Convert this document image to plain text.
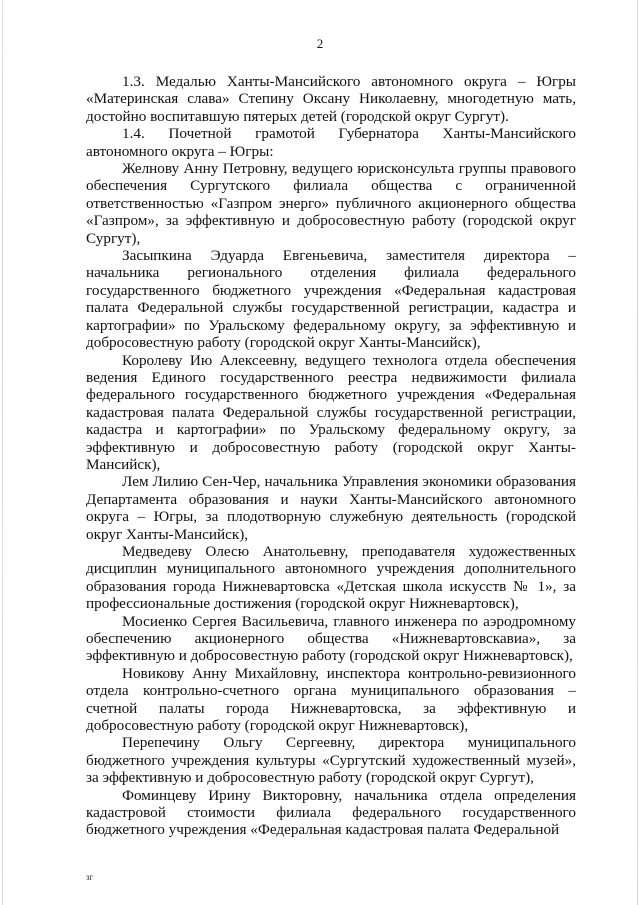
2

1.3. Медалью Ханты-Мансийского автономного округа – Югры «Материнская слава» Степину Оксану Николаевну, многодетную мать, достойно воспитавшую пятерых детей (городской округ Сургут).

1.4. Почетной грамотой Губернатора Ханты-Мансийского автономного округа – Югры:

Желнову Анну Петровну, ведущего юрисконсульта группы правового обеспечения Сургутского филиала общества с ограниченной ответственностью «Газпром энерго» публичного акционерного общества «Газпром», за эффективную и добросовестную работу (городской округ Сургут),

Засыпкина Эдуарда Евгеньевича, заместителя директора – начальника регионального отделения филиала федерального государственного бюджетного учреждения «Федеральная кадастровая палата Федеральной службы государственной регистрации, кадастра и картографии» по Уральскому федеральному округу, за эффективную и добросовестную работу (городской округ Ханты-Мансийск),

Королеву Ию Алексеевну, ведущего технолога отдела обеспечения ведения Единого государственного реестра недвижимости филиала федерального государственного бюджетного учреждения «Федеральная кадастровая палата Федеральной службы государственной регистрации, кадастра и картографии» по Уральскому федеральному округу, за эффективную и добросовестную работу (городской округ Ханты-Мансийск),

Лем Лилию Сен-Чер, начальника Управления экономики образования Департамента образования и науки Ханты-Мансийского автономного округа – Югры, за плодотворную служебную деятельность (городской округ Ханты-Мансийск),

Медведеву Олесю Анатольевну, преподавателя художественных дисциплин муниципального автономного учреждения дополнительного образования города Нижневартовска «Детская школа искусств № 1», за профессиональные достижения (городской округ Нижневартовск),

Мосиенко Сергея Васильевича, главного инженера по аэродромному обеспечению акционерного общества «Нижневартовскавиа», за эффективную и добросовестную работу (городской округ Нижневартовск),

Новикову Анну Михайловну, инспектора контрольно-ревизионного отдела контрольно-счетного органа муниципального образования – счетной палаты города Нижневартовска, за эффективную и добросовестную работу (городской округ Нижневартовск),

Перепечину Ольгу Сергеевну, директора муниципального бюджетного учреждения культуры «Сургутский художественный музей», за эффективную и добросовестную работу (городской округ Сургут),

Фоминцеву Ирину Викторовну, начальника отдела определения кадастровой стоимости филиала федерального государственного бюджетного учреждения «Федеральная кадастровая палата Федеральной

зг
